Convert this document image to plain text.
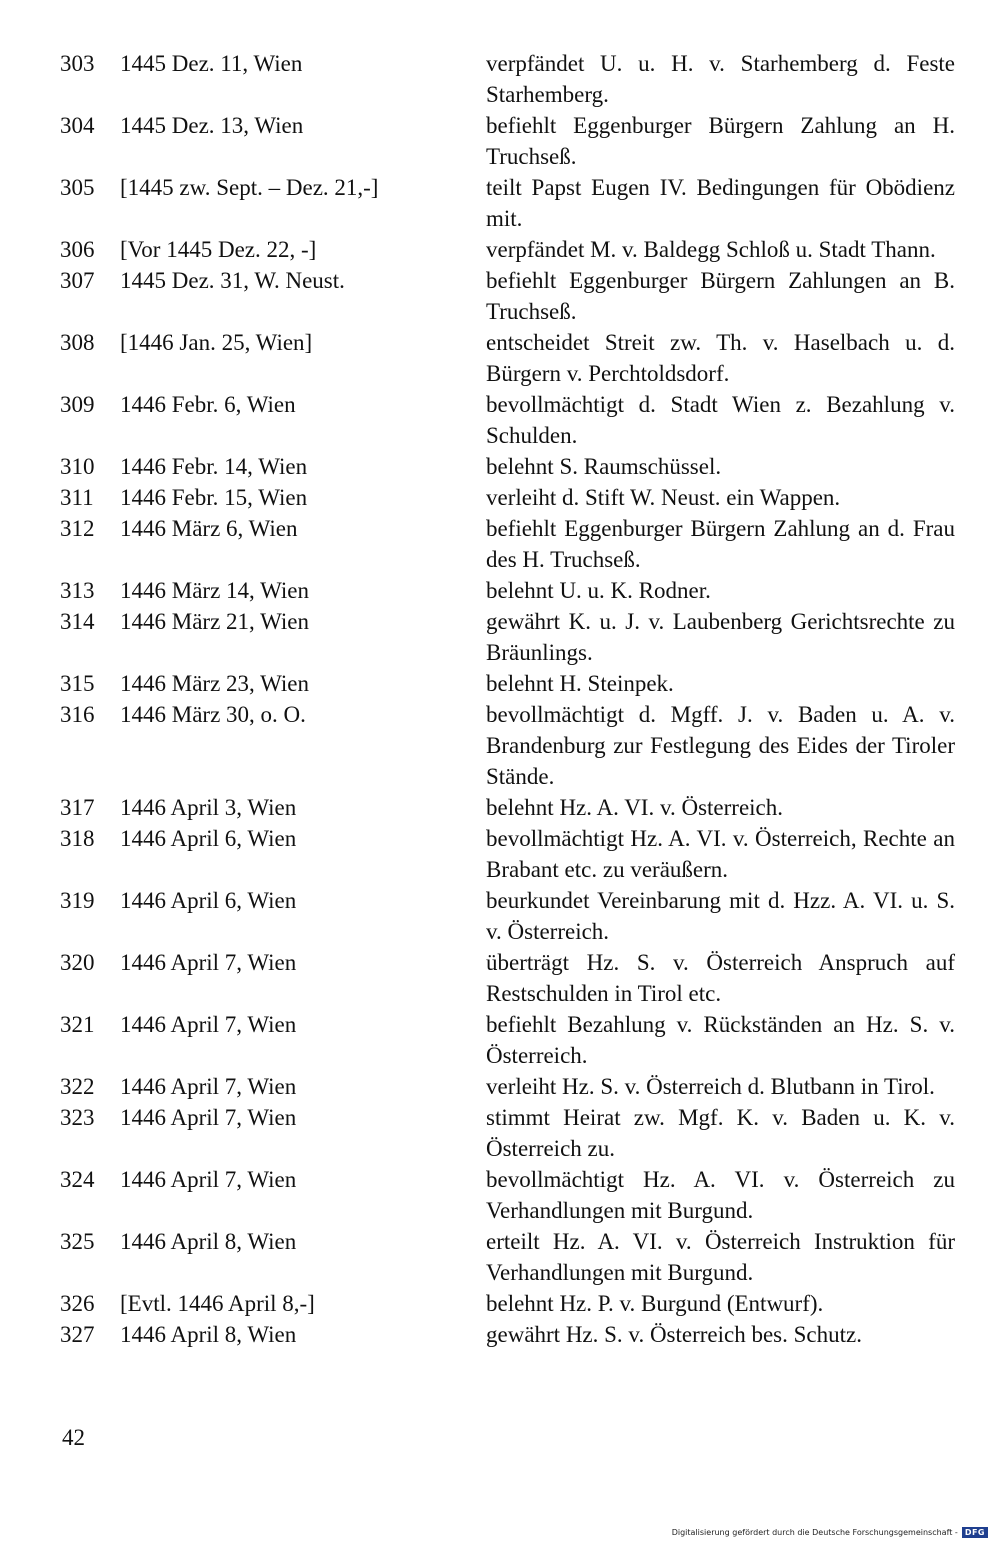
303	1445 Dez. 11, Wien	verpfändet U. u. H. v. Starhemberg d. Feste Starhemberg.
304	1445 Dez. 13, Wien	befiehlt Eggenburger Bürgern Zahlung an H. Truchseß.
305	[1445 zw. Sept. – Dez. 21,-]	teilt Papst Eugen IV. Bedingungen für Obödienz mit.
306	[Vor 1445 Dez. 22, -]	verpfändet M. v. Baldegg Schloß u. Stadt Thann.
307	1445 Dez. 31, W. Neust.	befiehlt Eggenburger Bürgern Zahlungen an B. Truchseß.
308	[1446 Jan. 25, Wien]	entscheidet Streit zw. Th. v. Haselbach u. d. Bürgern v. Perchtoldsdorf.
309	1446 Febr. 6, Wien	bevollmächtigt d. Stadt Wien z. Bezahlung v. Schulden.
310	1446 Febr. 14, Wien	belehnt S. Raumschüssel.
311	1446 Febr. 15, Wien	verleiht d. Stift W. Neust. ein Wappen.
312	1446 März 6, Wien	befiehlt Eggenburger Bürgern Zahlung an d. Frau des H. Truchseß.
313	1446 März 14, Wien	belehnt U. u. K. Rodner.
314	1446 März 21, Wien	gewährt K. u. J. v. Laubenberg Gerichtsrechte zu Bräunlings.
315	1446 März 23, Wien	belehnt H. Steinpek.
316	1446 März 30, o. O.	bevollmächtigt d. Mgff. J. v. Baden u. A. v. Brandenburg zur Festlegung des Eides der Tiroler Stände.
317	1446 April 3, Wien	belehnt Hz. A. VI. v. Österreich.
318	1446 April 6, Wien	bevollmächtigt Hz. A. VI. v. Österreich, Rechte an Brabant etc. zu veräußern.
319	1446 April 6, Wien	beurkundet Vereinbarung mit d. Hzz. A. VI. u. S. v. Österreich.
320	1446 April 7, Wien	überträgt Hz. S. v. Österreich Anspruch auf Restschulden in Tirol etc.
321	1446 April 7, Wien	befiehlt Bezahlung v. Rückständen an Hz. S. v. Österreich.
322	1446 April 7, Wien	verleiht Hz. S. v. Österreich d. Blutbann in Tirol.
323	1446 April 7, Wien	stimmt Heirat zw. Mgf. K. v. Baden u. K. v. Österreich zu.
324	1446 April 7, Wien	bevollmächtigt Hz. A. VI. v. Österreich zu Verhandlungen mit Burgund.
325	1446 April 8, Wien	erteilt Hz. A. VI. v. Österreich Instruktion für Verhandlungen mit Burgund.
326	[Evtl. 1446 April 8,-]	belehnt Hz. P. v. Burgund (Entwurf).
327	1446 April 8, Wien	gewährt Hz. S. v. Österreich bes. Schutz.
42
Digitalisierung gefördert durch die Deutsche Forschungsgemeinschaft - DFG
